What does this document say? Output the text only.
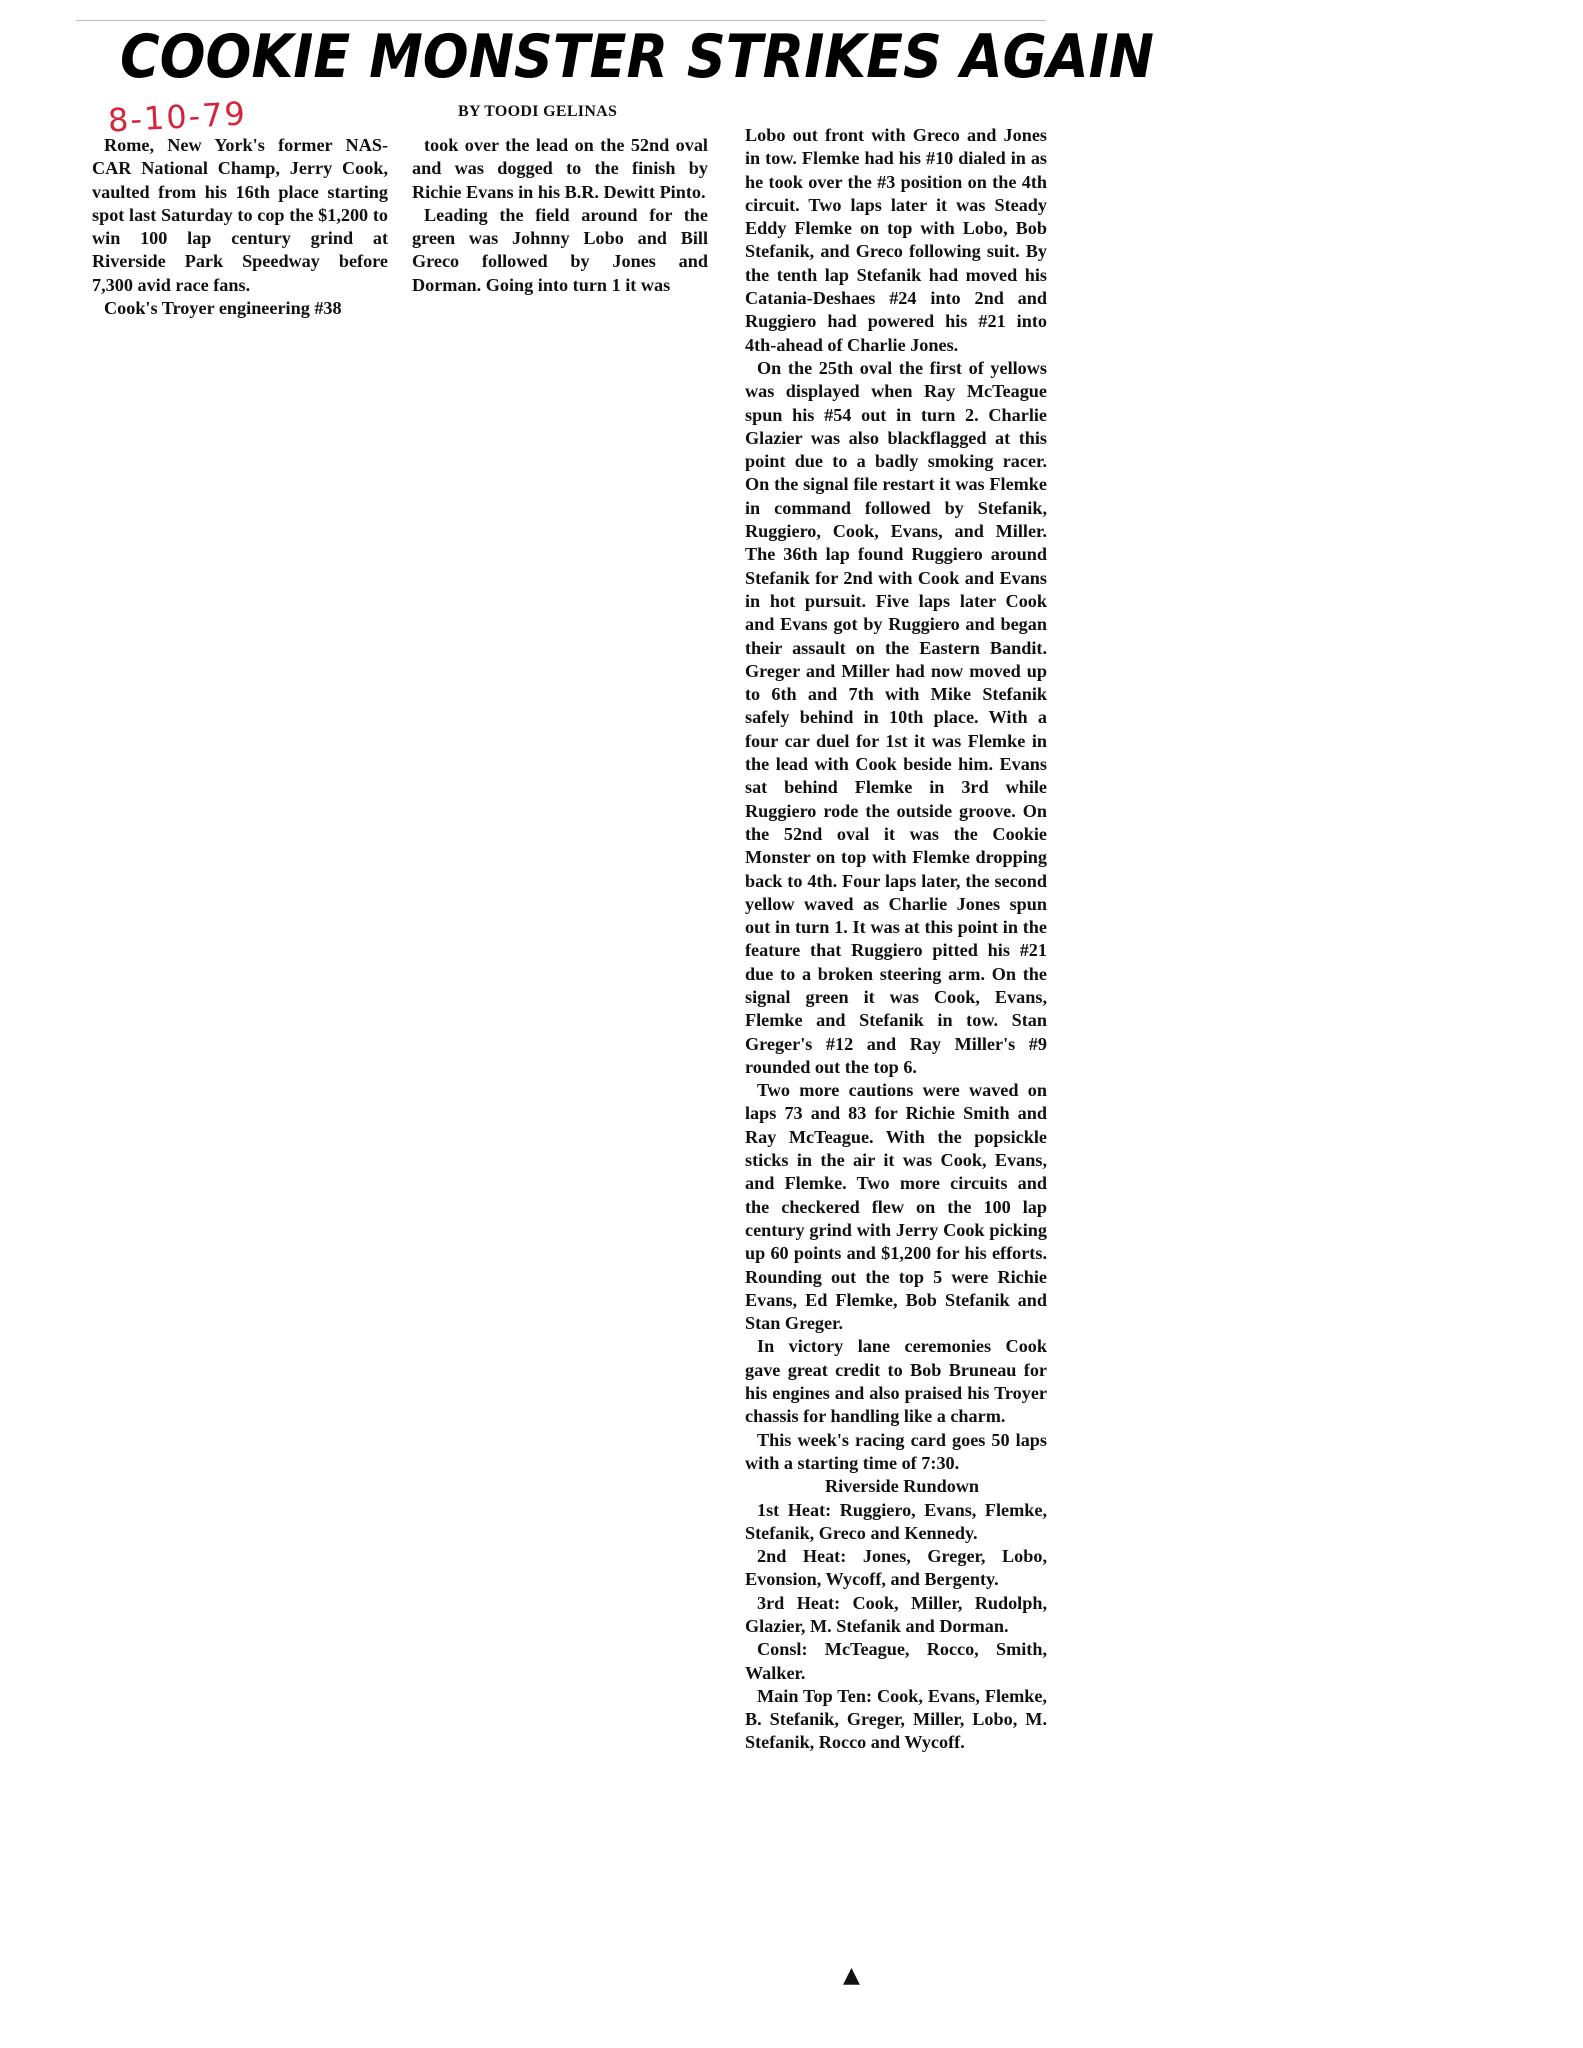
COOKIE MONSTER STRIKES AGAIN
8-10-79	BY TOODI GELINAS

Rome, New York's former NAS-CAR National Champ, Jerry Cook, vaulted from his 16th place starting spot last Saturday to cop the $1,200 to win 100 lap century grind at Riverside Park Speedway before 7,300 avid race fans.

Cook's Troyer engineering #38

took over the lead on the 52nd oval and was dogged to the finish by Richie Evans in his B.R. Dewitt Pinto.

Leading the field around for the green was Johnny Lobo and Bill Greco followed by Jones and Dorman. Going into turn 1 it was

Lobo out front with Greco and Jones in tow. Flemke had his #10 dialed in as he took over the #3 position on the 4th circuit. Two laps later it was Steady Eddy Flemke on top with Lobo, Bob Stefanik, and Greco following suit. By the tenth lap Stefanik had moved his Catania-Deshaes #24 into 2nd and Ruggiero had powered his #21 into 4th-ahead of Charlie Jones.

On the 25th oval the first of yellows was displayed when Ray McTeague spun his #54 out in turn 2. Charlie Glazier was also blackflagged at this point due to a badly smoking racer. On the signal file restart it was Flemke in command followed by Stefanik, Ruggiero, Cook, Evans, and Miller. The 36th lap found Ruggiero around Stefanik for 2nd with Cook and Evans in hot pursuit. Five laps later Cook and Evans got by Ruggiero and began their assault on the Eastern Bandit. Greger and Miller had now moved up to 6th and 7th with Mike Stefanik safely behind in 10th place. With a four car duel for 1st it was Flemke in the lead with Cook beside him. Evans sat behind Flemke in 3rd while Ruggiero rode the outside groove. On the 52nd oval it was the Cookie Monster on top with Flemke dropping back to 4th. Four laps later, the second yellow waved as Charlie Jones spun out in turn 1. It was at this point in the feature that Ruggiero pitted his #21 due to a broken steering arm. On the signal green it was Cook, Evans, Flemke and Stefanik in tow. Stan Greger's #12 and Ray Miller's #9 rounded out the top 6.

Two more cautions were waved on laps 73 and 83 for Richie Smith and Ray McTeague. With the popsickle sticks in the air it was Cook, Evans, and Flemke. Two more circuits and the checkered flew on the 100 lap century grind with Jerry Cook picking up 60 points and $1,200 for his efforts. Rounding out the top 5 were Richie Evans, Ed Flemke, Bob Stefanik and Stan Greger.

In victory lane ceremonies Cook gave great credit to Bob Bruneau for his engines and also praised his Troyer chassis for handling like a charm.

This week's racing card goes 50 laps with a starting time of 7:30.

Riverside Rundown

1st Heat: Ruggiero, Evans, Flemke, Stefanik, Greco and Kennedy.

2nd Heat: Jones, Greger, Lobo, Evonsion, Wycoff, and Bergenty.

3rd Heat: Cook, Miller, Rudolph, Glazier, M. Stefanik and Dorman.

Consl: McTeague, Rocco, Smith, Walker.

Main Top Ten: Cook, Evans, Flemke, B. Stefanik, Greger, Miller, Lobo, M. Stefanik, Rocco and Wycoff.

▲
